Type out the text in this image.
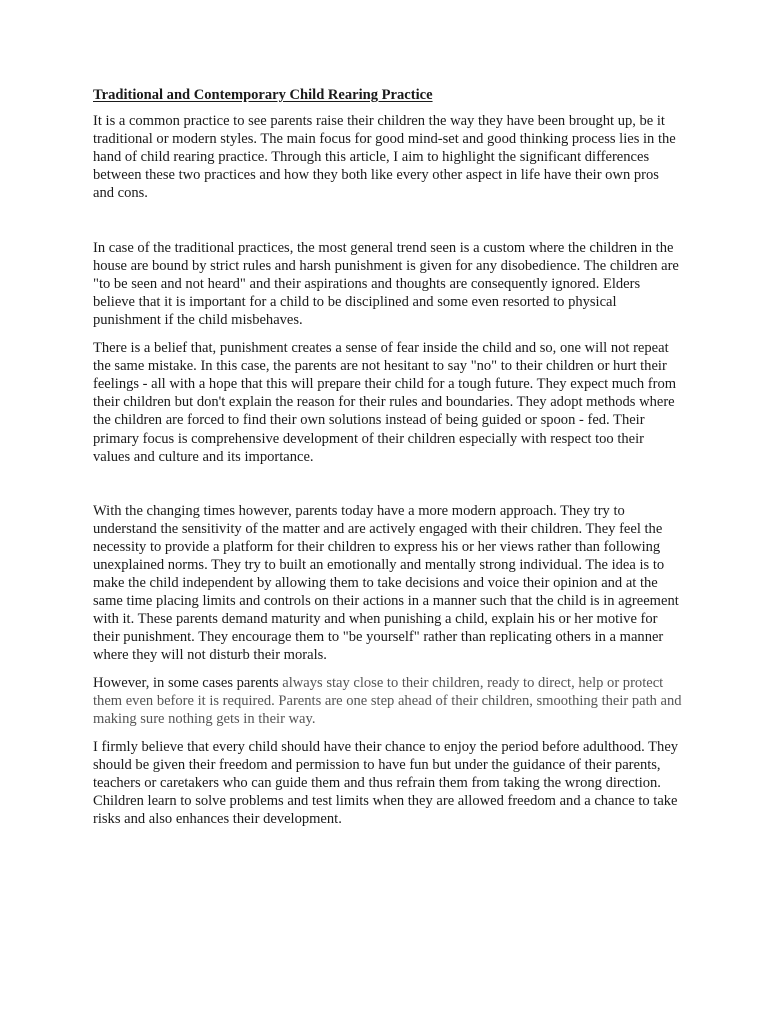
Traditional and Contemporary Child Rearing Practice

It is a common practice to see parents raise their children the way they have been brought up, be it traditional or modern styles. The main focus for good mind-set and good thinking process lies in the hand of child rearing practice. Through this article, I aim to highlight the significant differences between these two practices and how they both like every other aspect in life have their own pros and cons.

In case of the traditional practices, the most general trend seen is a custom where the children in the house are bound by strict rules and harsh punishment is given for any disobedience. The children are "to be seen and not heard" and their aspirations and thoughts are consequently ignored. Elders believe that it is important for a child to be disciplined and some even resorted to physical punishment if the child misbehaves.

There is a belief that, punishment creates a sense of fear inside the child and so, one will not repeat the same mistake. In this case, the parents are not hesitant to say "no" to their children or hurt their feelings - all with a hope that this will prepare their child for a tough future. They expect much from their children but don't explain the reason for their rules and boundaries. They adopt methods where the children are forced to find their own solutions instead of being guided or spoon - fed. Their primary focus is comprehensive development of their children especially with respect too their values and culture and its importance.

With the changing times however, parents today have a more modern approach. They try to understand the sensitivity of the matter and are actively engaged with their children. They feel the necessity to provide a platform for their children to express his or her views rather than following unexplained norms. They try to built an emotionally and mentally strong individual. The idea is to make the child independent by allowing them to take decisions and voice their opinion and at the same time placing limits and controls on their actions in a manner such that the child is in agreement with it. These parents demand maturity and when punishing a child, explain his or her motive for their punishment. They encourage them to "be yourself" rather than replicating others in a manner where they will not disturb their morals.

However, in some cases parents always stay close to their children, ready to direct, help or protect them even before it is required. Parents are one step ahead of their children, smoothing their path and making sure nothing gets in their way.

I firmly believe that every child should have their chance to enjoy the period before adulthood. They should be given their freedom and permission to have fun but under the guidance of their parents, teachers or caretakers who can guide them and thus refrain them from taking the wrong direction. Children learn to solve problems and test limits when they are allowed freedom and a chance to take risks and also enhances their development.
